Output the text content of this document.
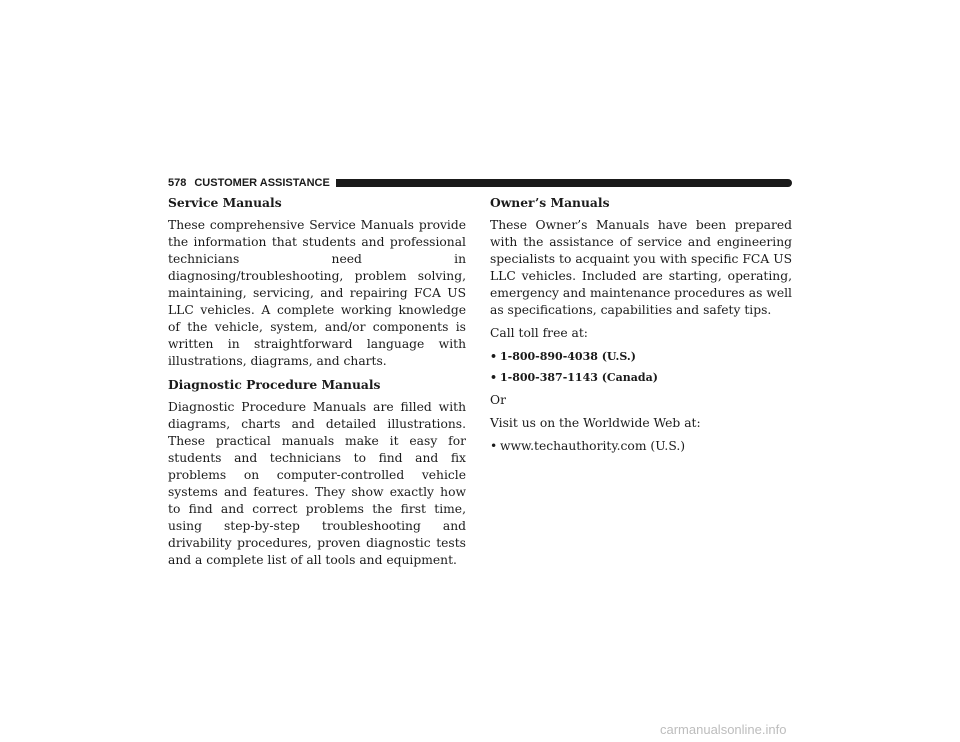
578 CUSTOMER ASSISTANCE
Service Manuals

These comprehensive Service Manuals provide the information that students and professional technicians need in diagnosing/troubleshooting, problem solving, maintaining, servicing, and repairing FCA US LLC vehicles. A complete working knowledge of the vehicle, system, and/or components is written in straightforward language with illustrations, diagrams, and charts.

Diagnostic Procedure Manuals

Diagnostic Procedure Manuals are filled with diagrams, charts and detailed illustrations. These practical manuals make it easy for students and technicians to find and fix problems on computer-controlled vehicle systems and features. They show exactly how to find and correct problems the first time, using step-by-step troubleshooting and drivability procedures, proven diagnostic tests and a complete list of all tools and equipment.

Owner’s Manuals

These Owner’s Manuals have been prepared with the assistance of service and engineering specialists to acquaint you with specific FCA US LLC vehicles. Included are starting, operating, emergency and maintenance procedures as well as specifications, capabilities and safety tips.

Call toll free at:

• 1-800-890-4038 (U.S.)
• 1-800-387-1143 (Canada)

Or

Visit us on the Worldwide Web at:

• www.techauthority.com (U.S.)
carmanualsonline.info
